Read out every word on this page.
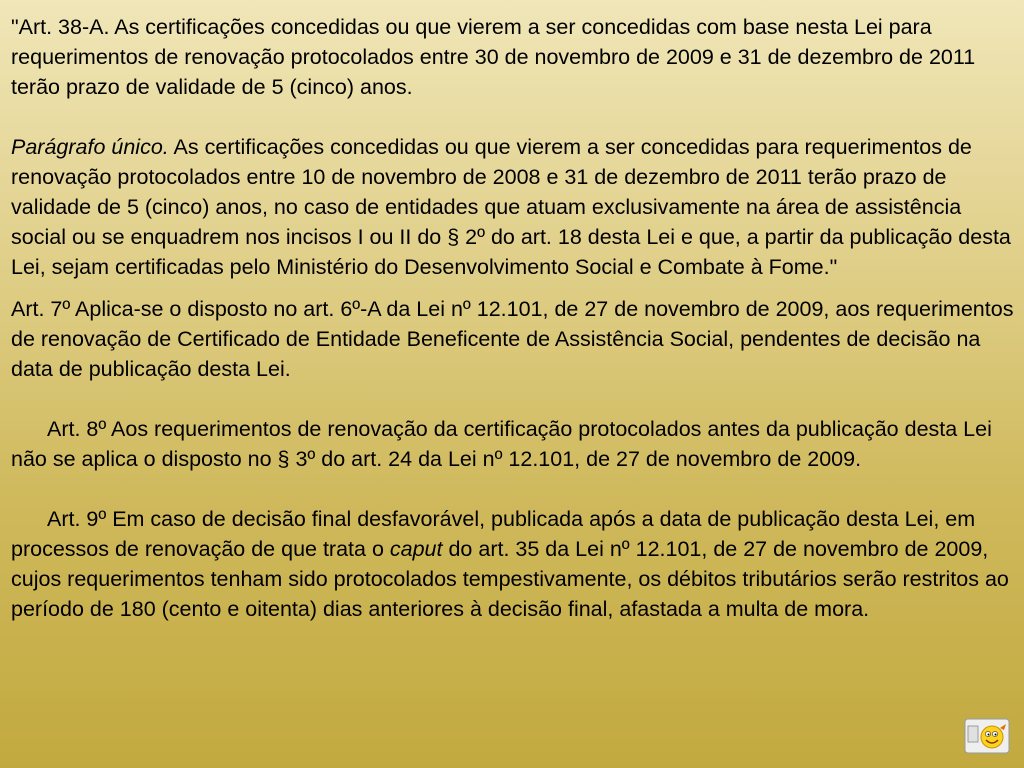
"Art. 38-A. As certificações concedidas ou que vierem a ser concedidas com base nesta Lei para requerimentos de renovação protocolados entre 30 de novembro de 2009 e 31 de dezembro de 2011 terão prazo de validade de 5 (cinco) anos.

Parágrafo único. As certificações concedidas ou que vierem a ser concedidas para requerimentos de renovação protocolados entre 10 de novembro de 2008 e 31 de dezembro de 2011 terão prazo de validade de 5 (cinco) anos, no caso de entidades que atuam exclusivamente na área de assistência social ou se enquadrem nos incisos I ou II do § 2º do art. 18 desta Lei e que, a partir da publicação desta Lei, sejam certificadas pelo Ministério do Desenvolvimento Social e Combate à Fome."

Art. 7º Aplica-se o disposto no art. 6º-A da Lei nº 12.101, de 27 de novembro de 2009, aos requerimentos de renovação de Certificado de Entidade Beneficente de Assistência Social, pendentes de decisão na data de publicação desta Lei.

Art. 8º Aos requerimentos de renovação da certificação protocolados antes da publicação desta Lei não se aplica o disposto no § 3º do art. 24 da Lei nº 12.101, de 27 de novembro de 2009.

Art. 9º Em caso de decisão final desfavorável, publicada após a data de publicação desta Lei, em processos de renovação de que trata o caput do art. 35 da Lei nº 12.101, de 27 de novembro de 2009, cujos requerimentos tenham sido protocolados tempestivamente, os débitos tributários serão restritos ao período de 180 (cento e oitenta) dias anteriores à decisão final, afastada a multa de mora.
